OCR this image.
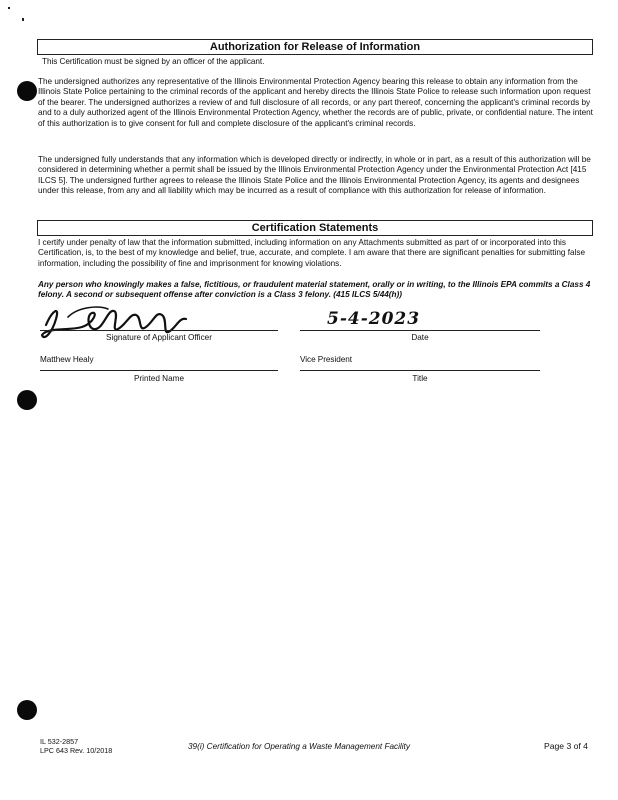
Authorization for Release of Information
This Certification must be signed by an officer of the applicant.
The undersigned authorizes any representative of the Illinois Environmental Protection Agency bearing this release to obtain any information from the Illinois State Police pertaining to the criminal records of the applicant and hereby directs the Illinois State Police to release such information upon request of the bearer. The undersigned authorizes a review of and full disclosure of all records, or any part thereof, concerning the applicant's criminal records by and to a duly authorized agent of the Illinois Environmental Protection Agency, whether the records are of public, private, or confidential nature. The intent of this authorization is to give consent for full and complete disclosure of the applicant's criminal records.
The undersigned fully understands that any information which is developed directly or indirectly, in whole or in part, as a result of this authorization will be considered in determining whether a permit shall be issued by the Illinois Environmental Protection Agency under the Environmental Protection Act [415 ILCS 5]. The undersigned further agrees to release the Illinois State Police and the Illinois Environmental Protection Agency, its agents and designees under this release, from any and all liability which may be incurred as a result of compliance with this authorization for release of information.
Certification Statements
I certify under penalty of law that the information submitted, including information on any Attachments submitted as part of or incorporated into this Certification, is, to the best of my knowledge and belief, true, accurate, and complete. I am aware that there are significant penalties for submitting false information, including the possibility of fine and imprisonment for knowing violations.
Any person who knowingly makes a false, fictitious, or fraudulent material statement, orally or in writing, to the Illinois EPA commits a Class 4 felony. A second or subsequent offense after conviction is a Class 3 felony. (415 ILCS 5/44(h))
5-4-2023
Signature of Applicant Officer	Date
Matthew Healy	Vice President
Printed Name	Title
IL 532-2857
LPC 643 Rev. 10/2018	39(i) Certification for Operating a Waste Management Facility	Page 3 of 4
